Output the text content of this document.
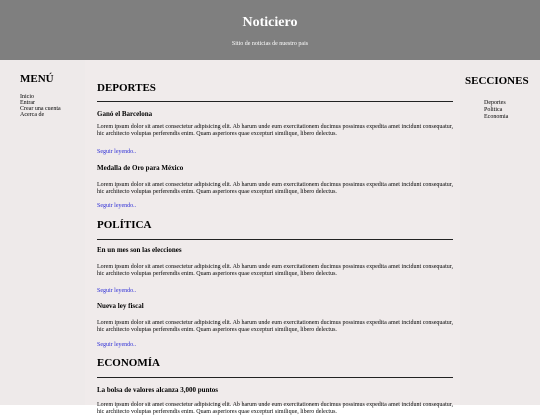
Noticiero
Sitio de noticias de nuestro pais
MENÚ
Inicio
Entrar
Crear una cuenta
Acerca de
DEPORTES
Ganó el Barcelona
Lorem ipsum dolor sit amet consectetur adipisicing elit. Ab harum unde eum exercitationem ducimus possimus expedita amet incidunt consequatur, hic architecto voluptas perferendis enim. Quam asperiores quae excepturi similique, libero delectus.
Seguir leyendo..
Medalla de Oro para México
Lorem ipsum dolor sit amet consectetur adipisicing elit. Ab harum unde eum exercitationem ducimus possimus expedita amet incidunt consequatur, hic architecto voluptas perferendis enim. Quam asperiores quae excepturi similique, libero delectus.
Seguir leyendo..
POLÍTICA
En un mes son las elecciones
Lorem ipsum dolor sit amet consectetur adipisicing elit. Ab harum unde eum exercitationem ducimus possimus expedita amet incidunt consequatur, hic architecto voluptas perferendis enim. Quam asperiores quae excepturi similique, libero delectus.
Seguir leyendo..
Nueva ley fiscal
Lorem ipsum dolor sit amet consectetur adipisicing elit. Ab harum unde eum exercitationem ducimus possimus expedita amet incidunt consequatur, hic architecto voluptas perferendis enim. Quam asperiores quae excepturi similique, libero delectus.
Seguir leyendo..
ECONOMÍA
La bolsa de valores alcanza 3,000 puntos
Lorem ipsum dolor sit amet consectetur adipisicing elit. Ab harum unde eum exercitationem ducimus possimus expedita amet incidunt consequatur, hic architecto voluptas perferendis enim. Quam asperiores quae excepturi similique, libero delectus.
SECCIONES
Deportes
Politica
Economia
